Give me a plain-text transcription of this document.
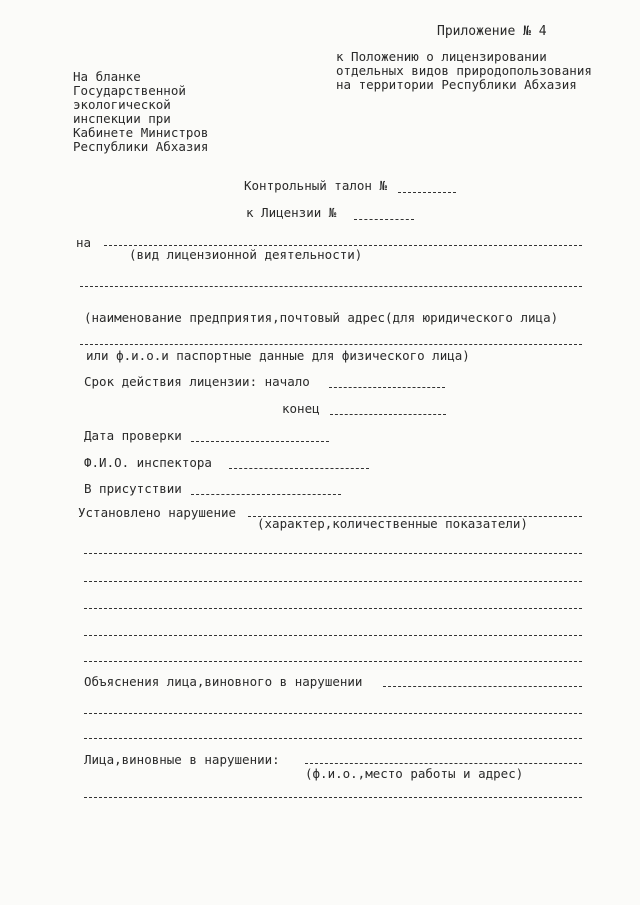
Приложение № 4
к Положению о лицензировании
отдельных видов природопользования
на территории Республики Абхазия
На бланке
Государственной
экологической
инспекции при
Кабинете Министров
Республики Абхазия
Контрольный талон №
к Лицензии №
на
(вид лицензионной деятельности)
(наименование предприятия,почтовый адрес(для юридического лица)
или ф.и.о.и паспортные данные для физического лица)
Срок действия лицензии: начало
конец
Дата проверки
Ф.И.О. инспектора
В присутствии
Установлено нарушение
(характер,количественные показатели)
Объяснения лица,виновного в нарушении
Лица,виновные в нарушении:
(ф.и.о.,место работы и адрес)
